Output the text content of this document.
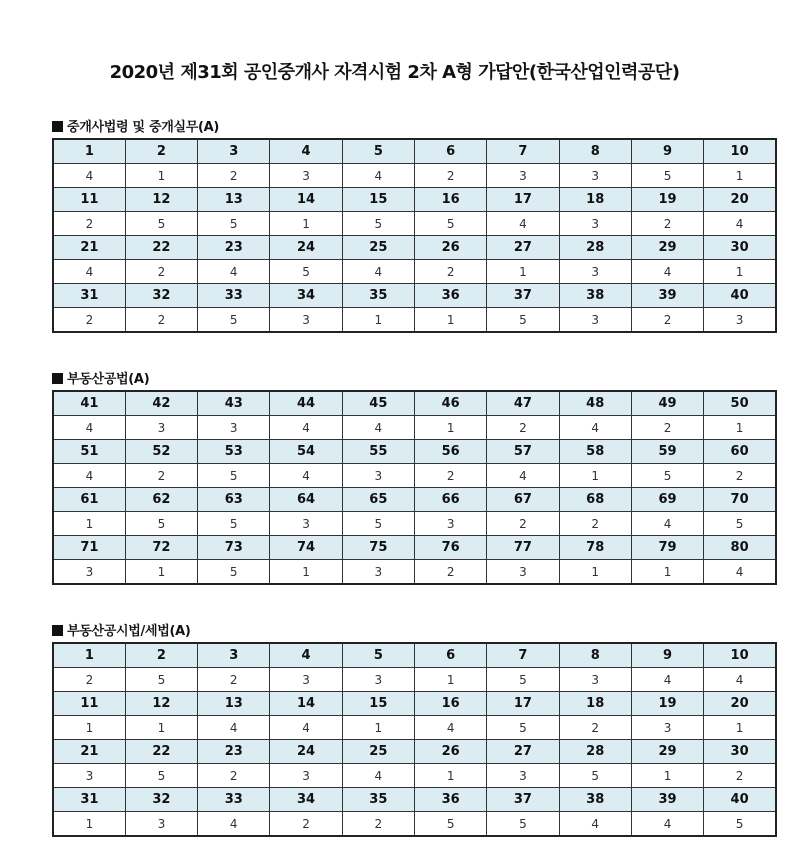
2020년 제31회 공인중개사 자격시험 2차 A형 가답안(한국산업인력공단)
중개사법령 및 중개실무(A)
1	2	3	4	5	6	7	8	9	10
4	1	2	3	4	2	3	3	5	1
11	12	13	14	15	16	17	18	19	20
2	5	5	1	5	5	4	3	2	4
21	22	23	24	25	26	27	28	29	30
4	2	4	5	4	2	1	3	4	1
31	32	33	34	35	36	37	38	39	40
2	2	5	3	1	1	5	3	2	3
부동산공법(A)
41	42	43	44	45	46	47	48	49	50
4	3	3	4	4	1	2	4	2	1
51	52	53	54	55	56	57	58	59	60
4	2	5	4	3	2	4	1	5	2
61	62	63	64	65	66	67	68	69	70
1	5	5	3	5	3	2	2	4	5
71	72	73	74	75	76	77	78	79	80
3	1	5	1	3	2	3	1	1	4
부동산공시법/세법(A)
1	2	3	4	5	6	7	8	9	10
2	5	2	3	3	1	5	3	4	4
11	12	13	14	15	16	17	18	19	20
1	1	4	4	1	4	5	2	3	1
21	22	23	24	25	26	27	28	29	30
3	5	2	3	4	1	3	5	1	2
31	32	33	34	35	36	37	38	39	40
1	3	4	2	2	5	5	4	4	5
